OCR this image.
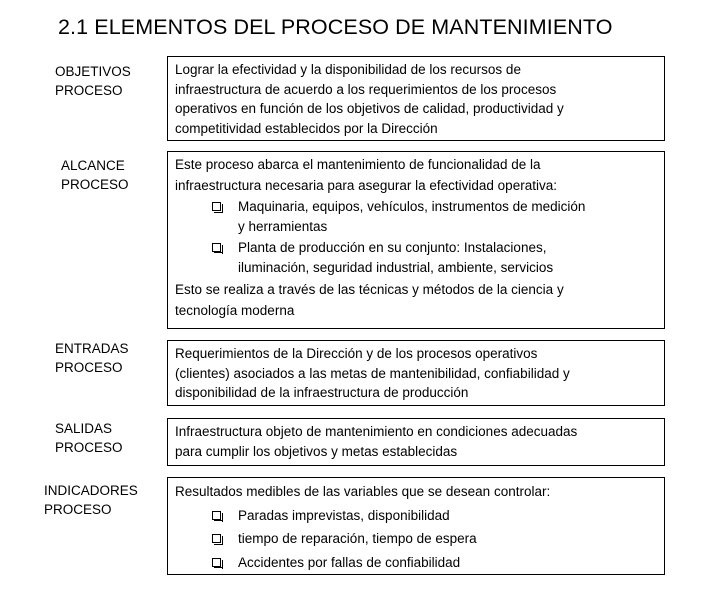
2.1 ELEMENTOS DEL PROCESO DE MANTENIMIENTO
OBJETIVOS
PROCESO

Lograr la efectividad y la disponibilidad de los recursos de

infraestructura de acuerdo a los requerimientos de los procesos

operativos en función de los objetivos de calidad, productividad y

competitividad establecidos por la Dirección

ALCANCE
PROCESO

Este proceso abarca el mantenimiento de funcionalidad de la

infraestructura necesaria para asegurar la efectividad operativa:

Maquinaria, equipos, vehículos, instrumentos de medición

y herramientas

Planta de producción en su conjunto: Instalaciones,

iluminación, seguridad industrial, ambiente, servicios

Esto se realiza a través de las técnicas y métodos de la ciencia y

tecnología moderna

ENTRADAS
PROCESO

Requerimientos de la Dirección y de los procesos operativos

(clientes) asociados a las metas de mantenibilidad, confiabilidad y

disponibilidad de la infraestructura de producción

SALIDAS
PROCESO

Infraestructura objeto de mantenimiento en condiciones adecuadas

para cumplir los objetivos y metas establecidas

INDICADORES
PROCESO

Resultados medibles de las variables que se desean controlar:

Paradas imprevistas, disponibilidad

tiempo de reparación, tiempo de espera

Accidentes por fallas de confiabilidad
